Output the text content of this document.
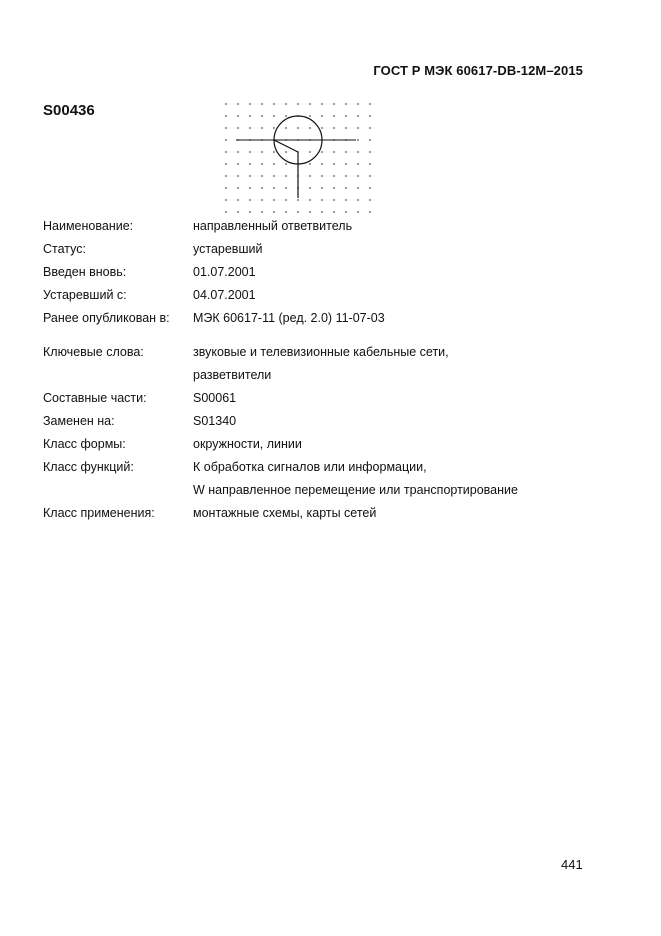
ГОСТ Р МЭК 60617-DB-12M–2015
S00436
Наименование:	направленный ответвитель
Статус:	устаревший
Введен вновь:	01.07.2001
Устаревший с:	04.07.2001
Ранее опубликован в: МЭК 60617-11 (ред. 2.0) 11-07-03
Ключевые слова:	звуковые и телевизионные кабельные сети,
разветвители
Составные части:	S00061
Заменен на:	S01340
Класс формы:	окружности, линии
Класс функций:	К обработка сигналов или информации,
W направленное перемещение или транспортирование
Класс применения:	монтажные схемы, карты сетей
441
